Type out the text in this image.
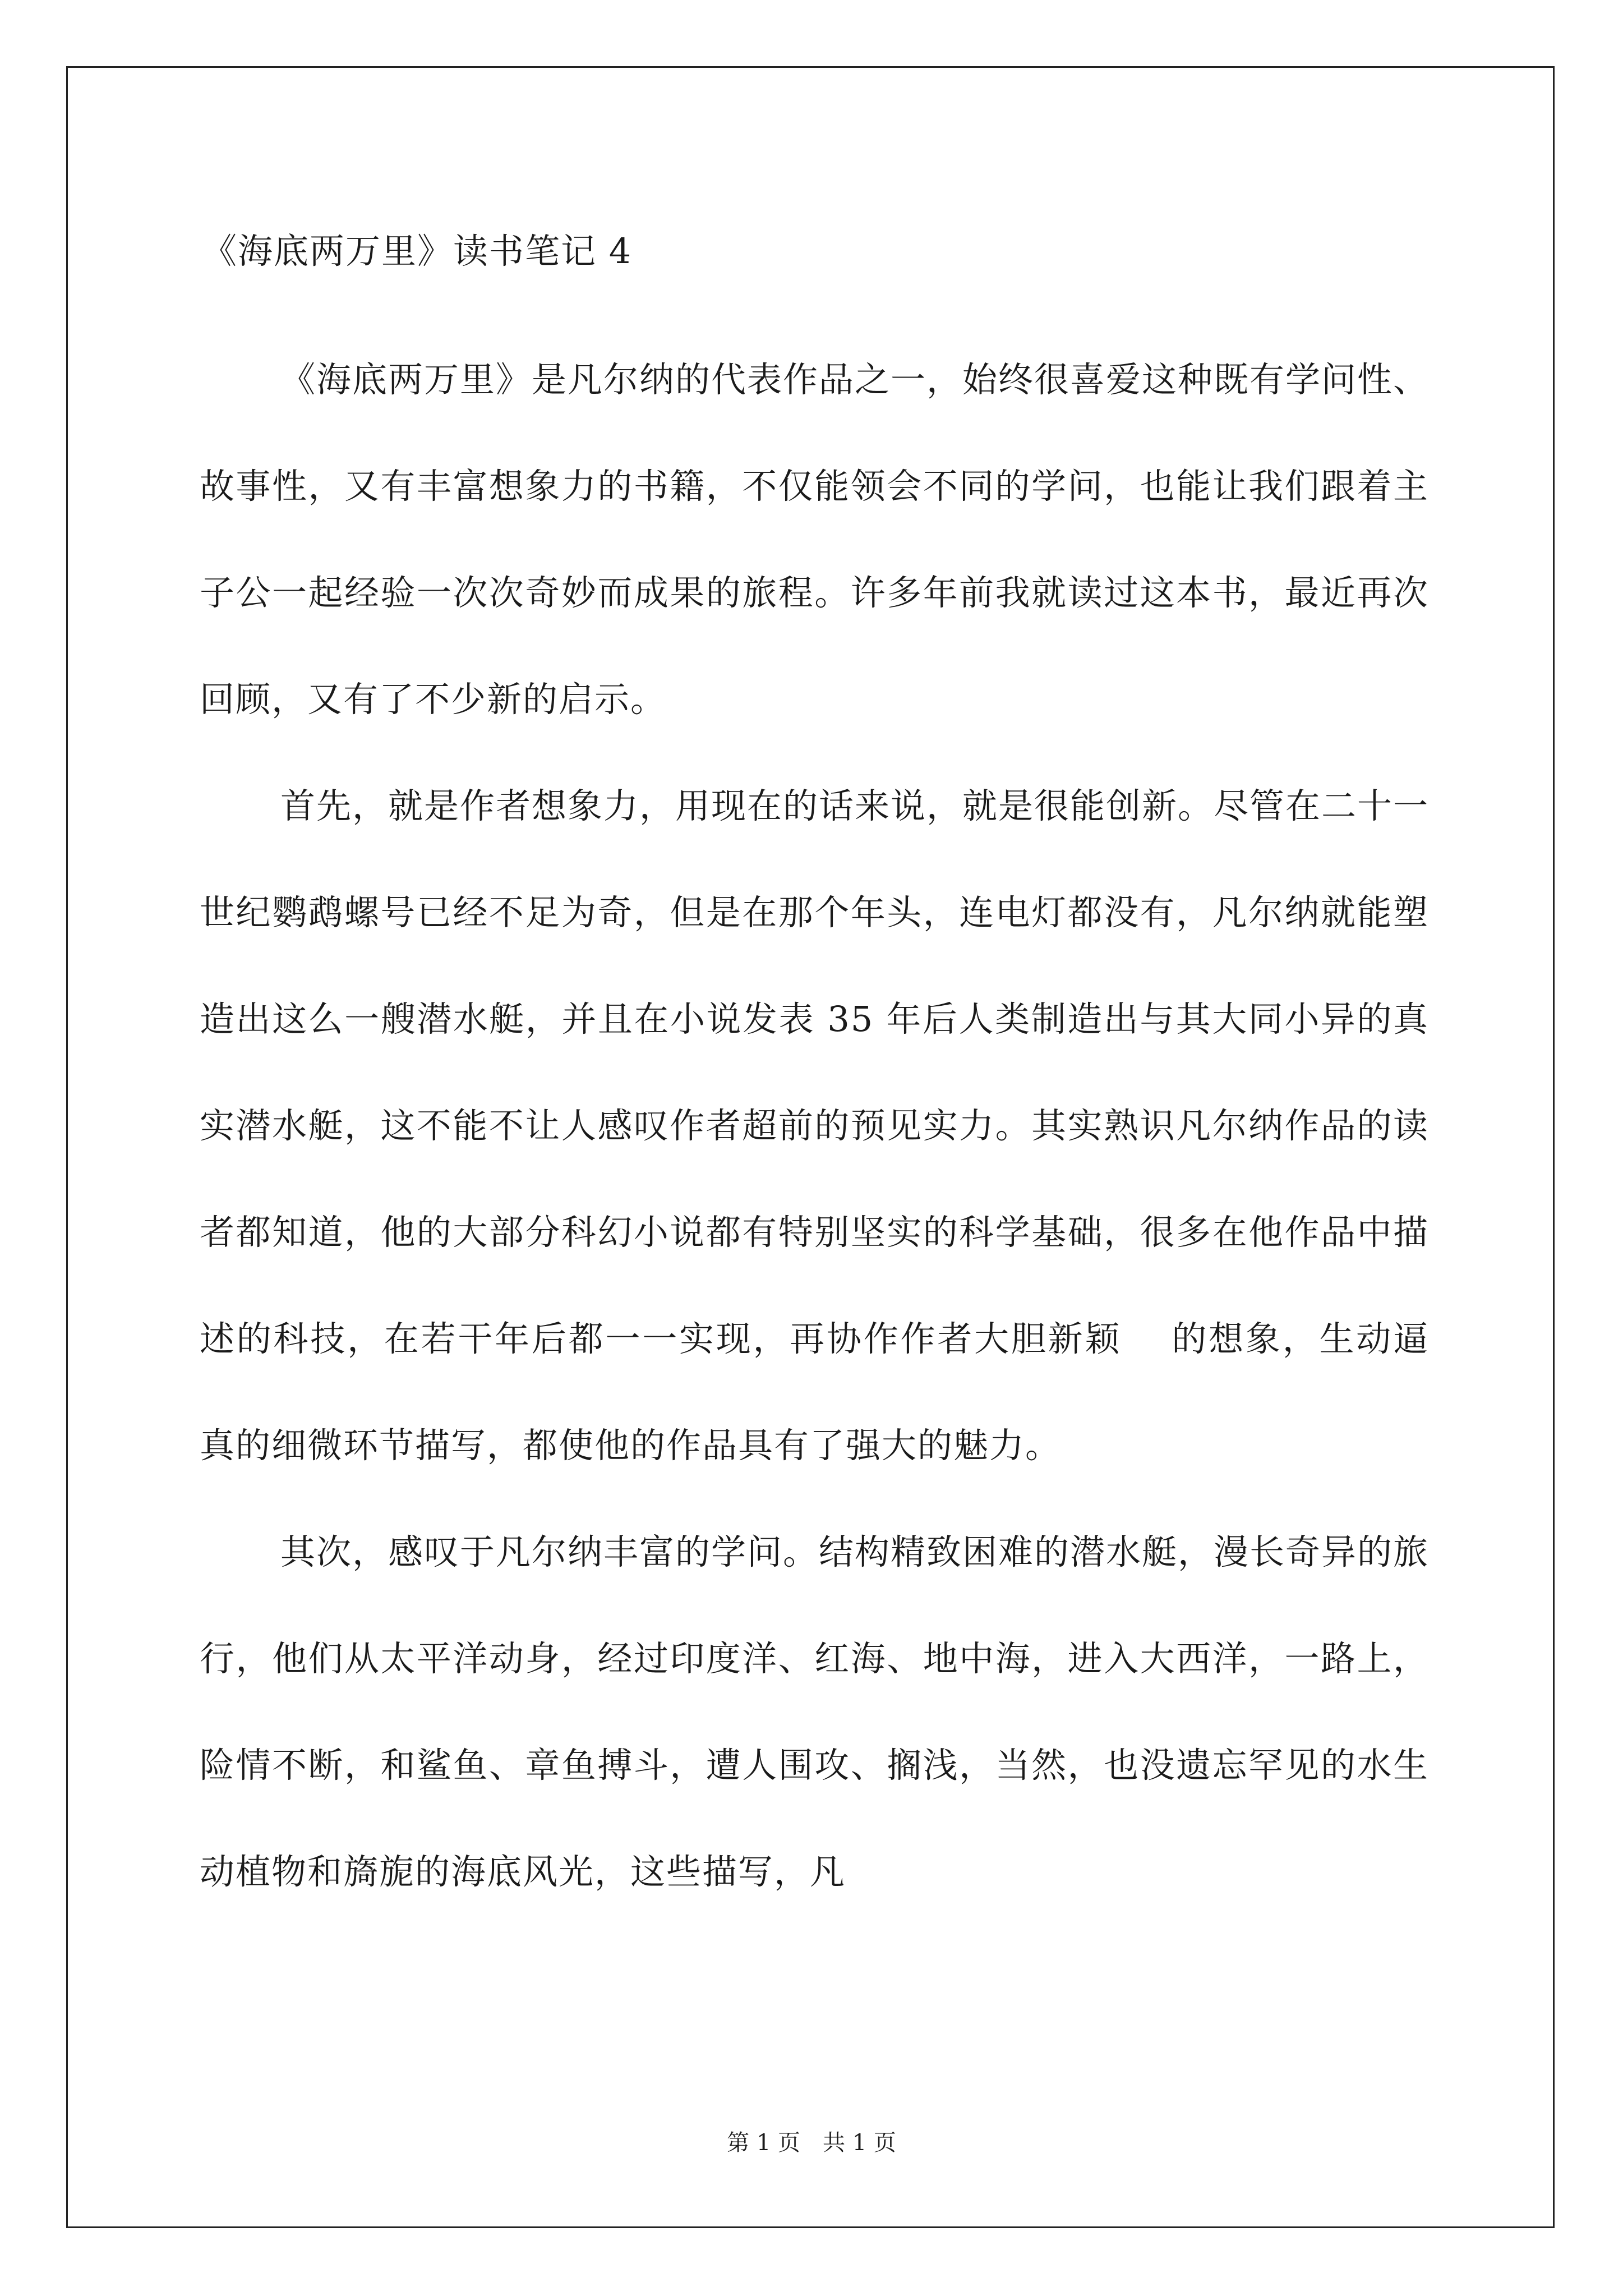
《海底两万里》读书笔记 4

《海底两万里》是凡尔纳的代表作品之一，始终很喜爱这种既有学问性、故事性，又有丰富想象力的书籍，不仅能领会不同的学问，也能让我们跟着主子公一起经验一次次奇妙而成果的旅程。许多年前我就读过这本书，最近再次回顾，又有了不少新的启示。

首先，就是作者想象力，用现在的话来说，就是很能创新。尽管在二十一世纪鹦鹉螺号已经不足为奇，但是在那个年头，连电灯都没有，凡尔纳就能塑造出这么一艘潜水艇，并且在小说发表 35 年后人类制造出与其大同小异的真实潜水艇，这不能不让人感叹作者超前的预见实力。其实熟识凡尔纳作品的读者都知道，他的大部分科幻小说都有特别坚实的科学基础，很多在他作品中描述的科技，在若干年后都一一实现，再协作作者大胆新颖　 的想象，生动逼真的细微环节描写，都使他的作品具有了强大的魅力。

其次，感叹于凡尔纳丰富的学问。结构精致困难的潜水艇，漫长奇异的旅行，他们从太平洋动身，经过印度洋、红海、地中海，进入大西洋，一路上，险情不断，和鲨鱼、章鱼搏斗，遭人围攻、搁浅，当然，也没遗忘罕见的水生动植物和旖旎的海底风光，这些描写，凡

第 1 页　共 1 页
